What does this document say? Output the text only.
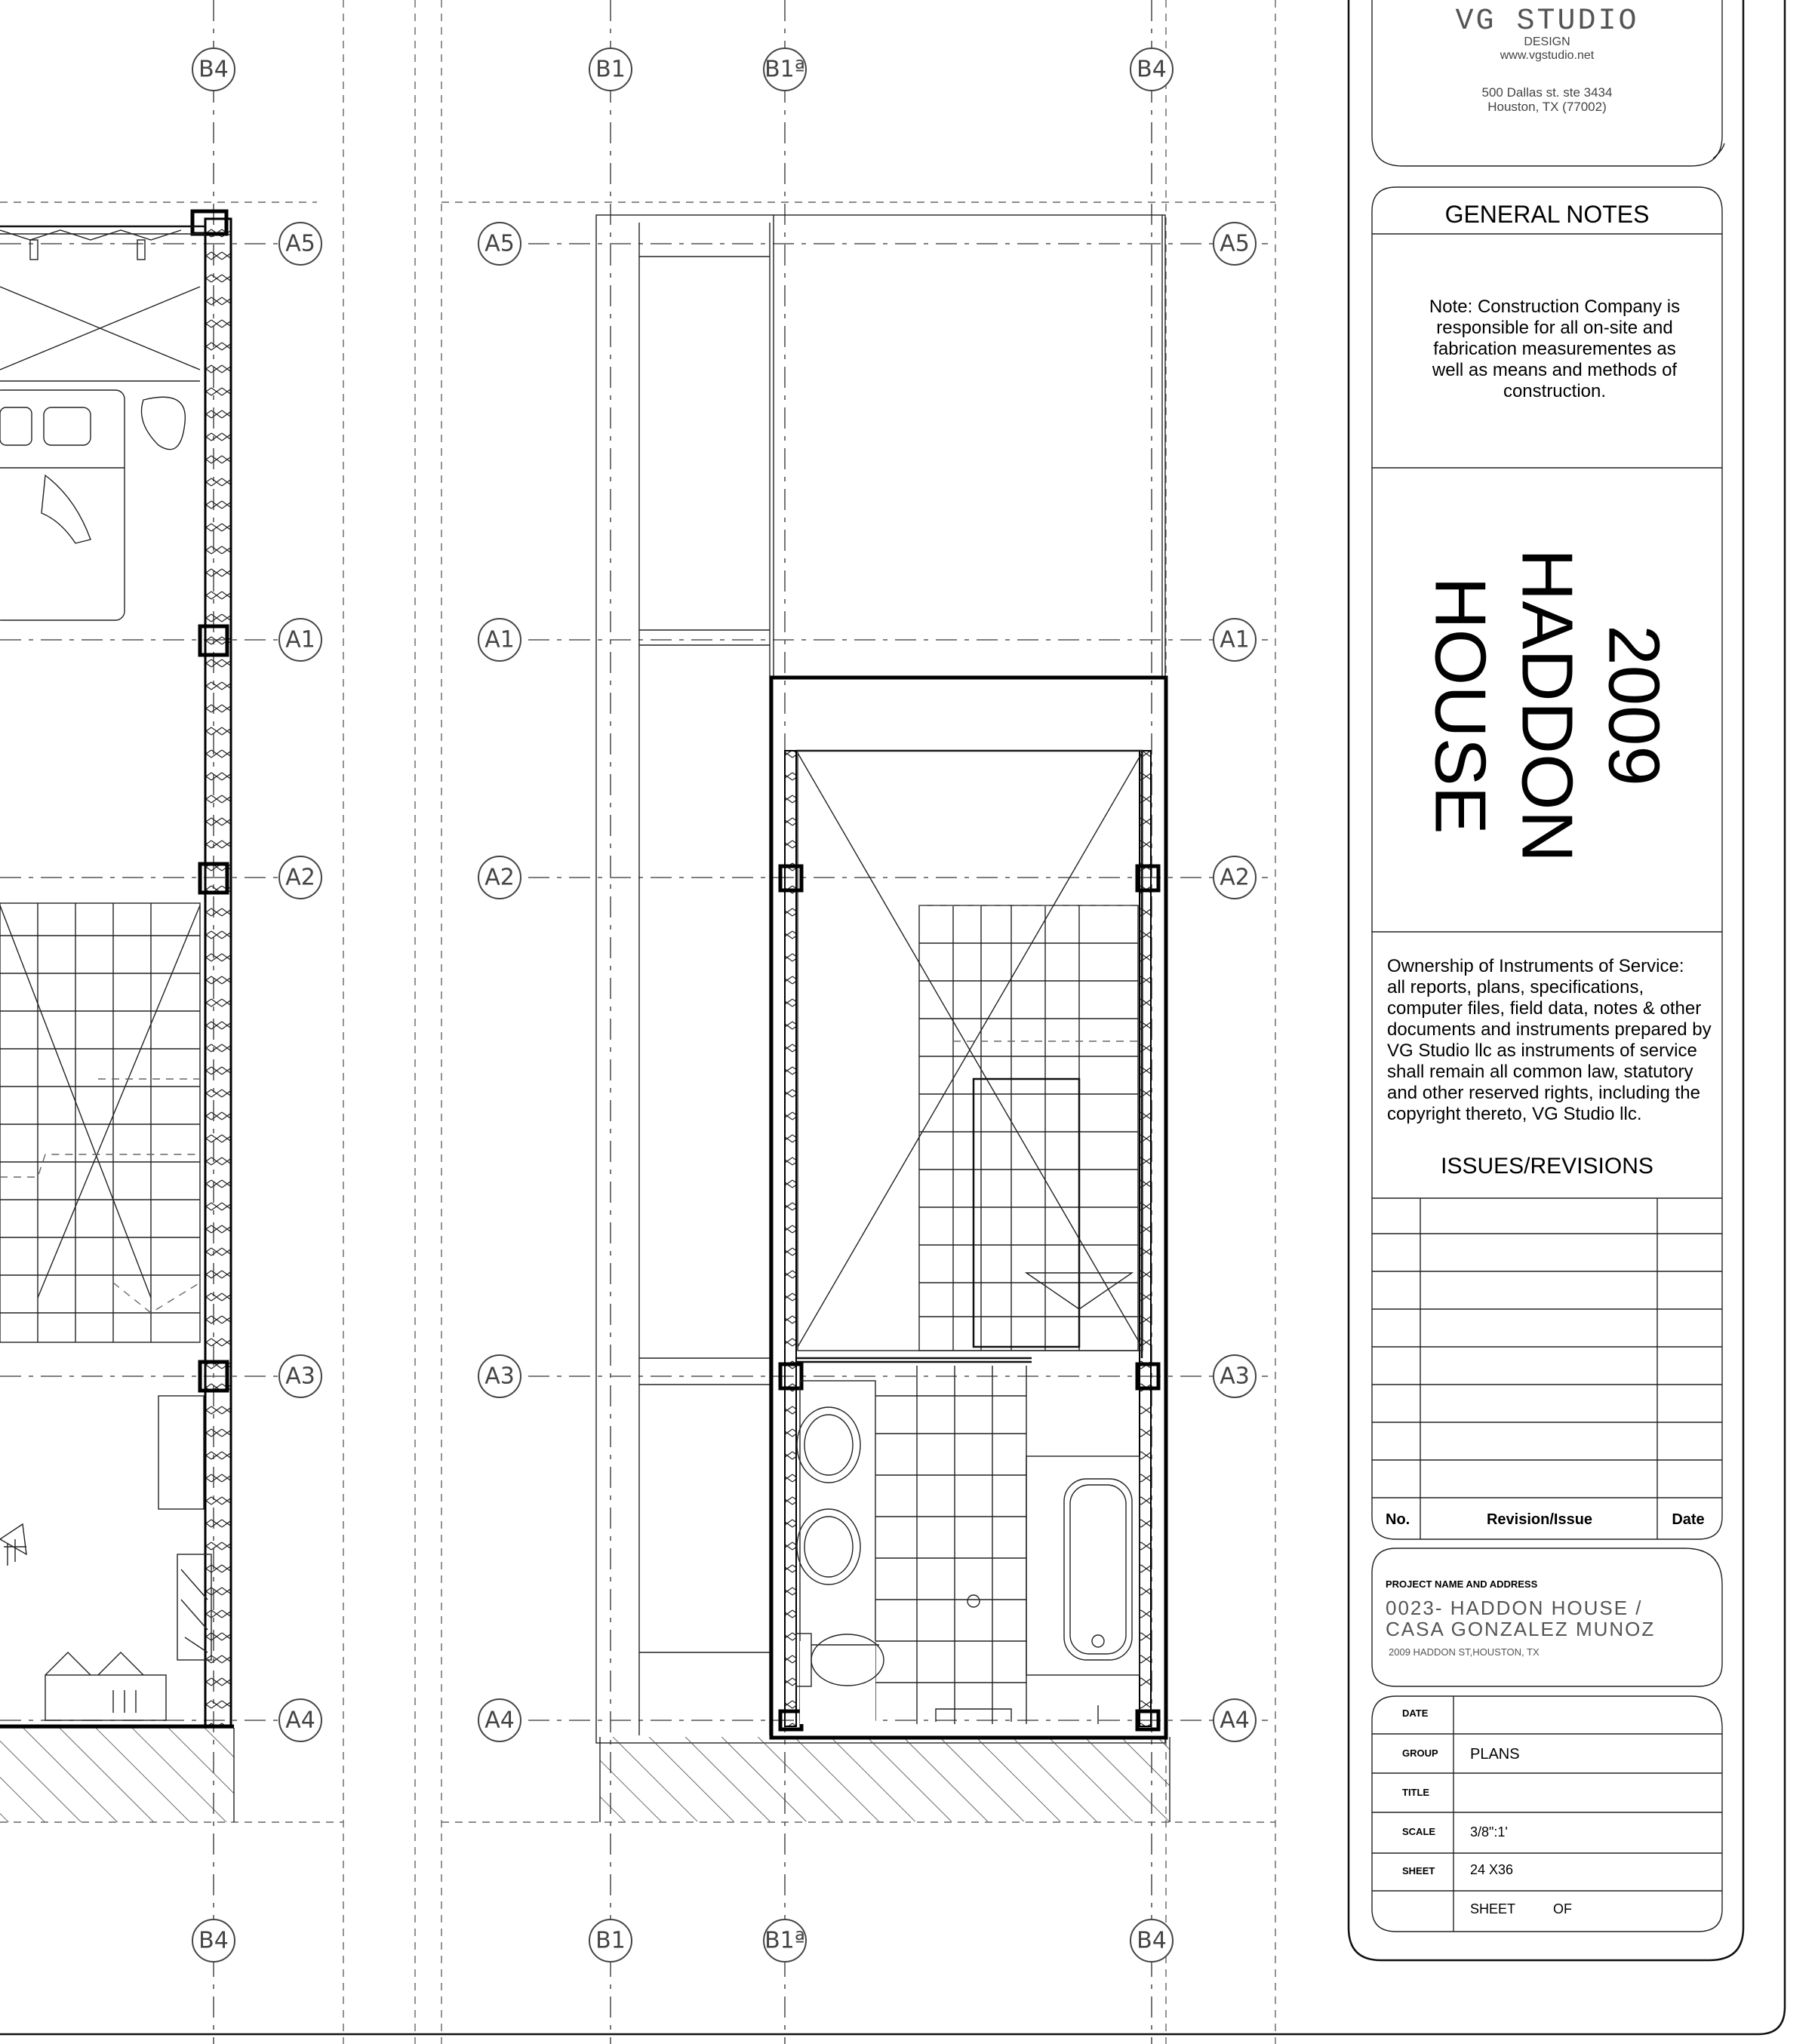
B4	B1	B1ª	B4
B4	B1	B1ª	B4
A5	A5	A5
A1	A1	A1
A2	A2	A2
A3	A3	A3
A4	A4	A4
VG STUDIO
DESIGN
www.vgstudio.net
500 Dallas st. ste 3434
Houston, TX (77002)
GENERAL NOTES
Note: Construction Company is
responsible for all on-site and
fabrication measurementes as
well as means and methods of
construction.
2009
HADDON
HOUSE
Ownership of Instruments of Service:
all reports, plans, specifications,
computer files, field data, notes & other
documents and instruments prepared by
VG Studio llc as instruments of service
shall remain all common law, statutory
and other reserved rights, including the
copyright thereto, VG Studio llc.
ISSUES/REVISIONS
No.	Revision/Issue	Date
PROJECT NAME AND ADDRESS
0023- HADDON HOUSE /
CASA GONZALEZ MUNOZ
2009 HADDON ST,HOUSTON, TX
DATE
GROUP PLANS
TITLE
SCALE	3/8":1'
SHEET	24 X36
SHEET	OF
